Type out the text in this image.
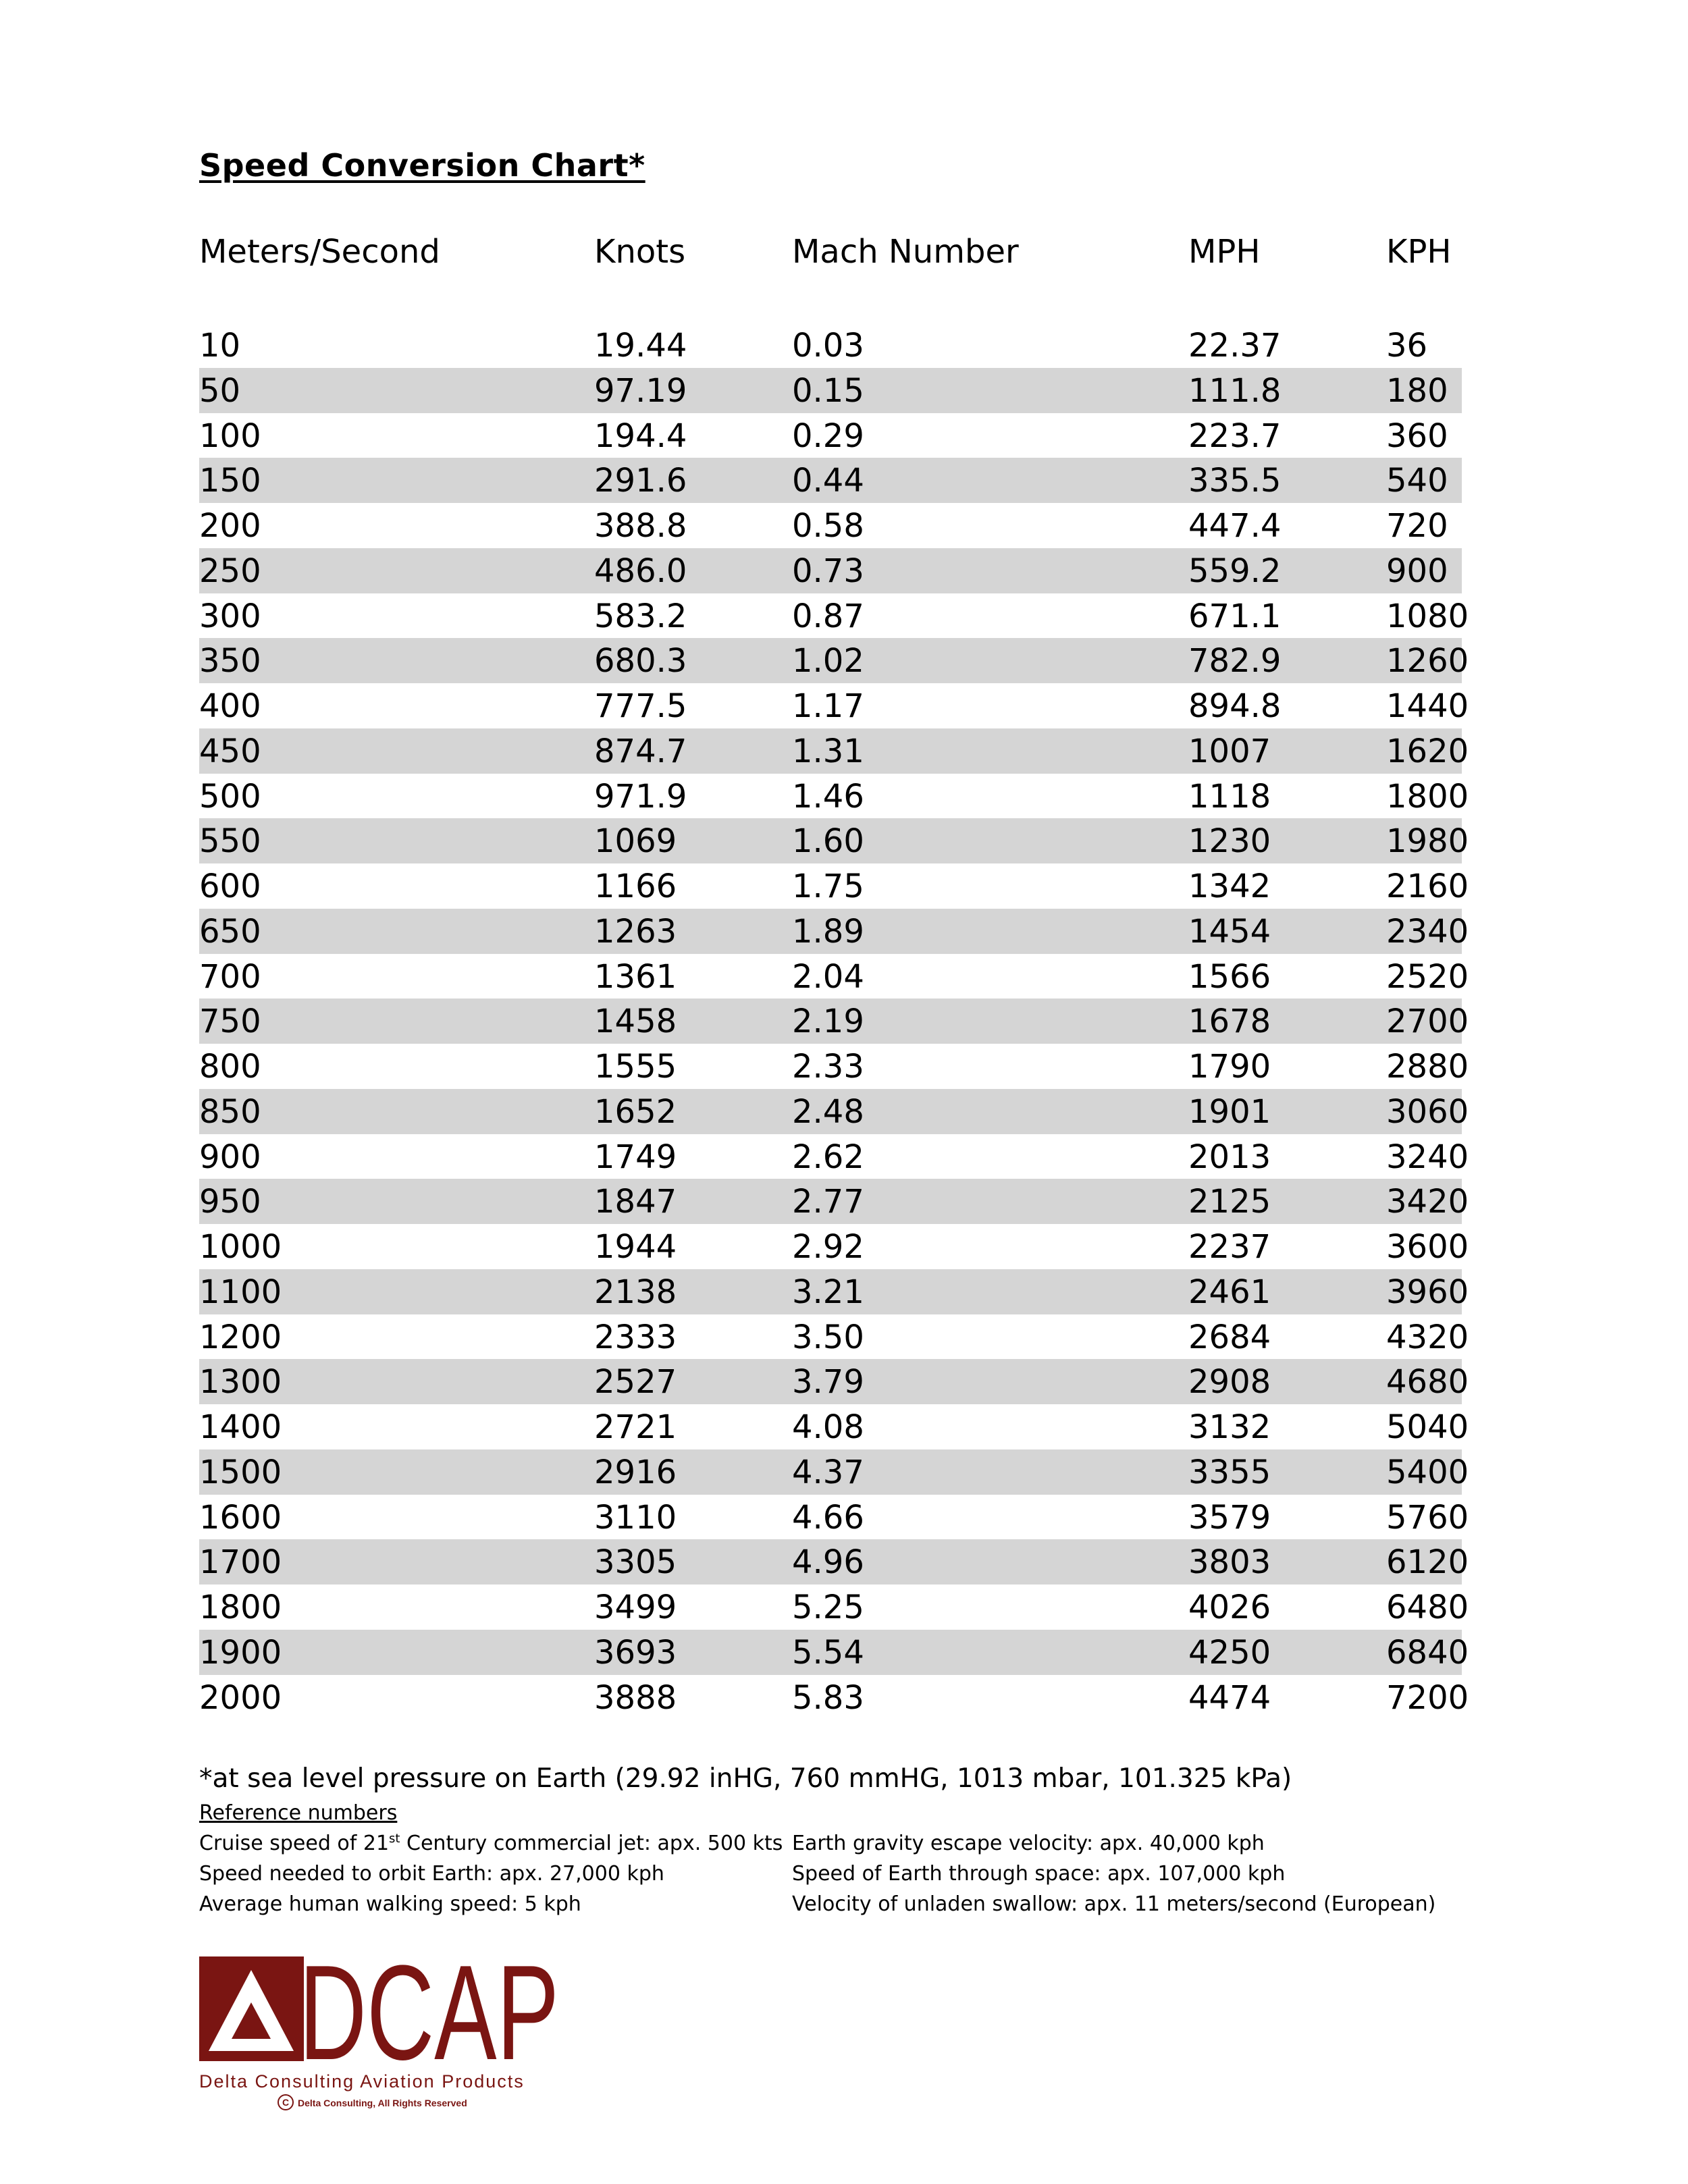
Speed Conversion Chart*
Meters/Second	Knots	Mach Number	MPH	KPH
10	19.44	0.03	22.37	36
50	97.19	0.15	111.8	180
100	194.4	0.29	223.7	360
150	291.6	0.44	335.5	540
200	388.8	0.58	447.4	720
250	486.0	0.73	559.2	900
300	583.2	0.87	671.1	1080
350	680.3	1.02	782.9	1260
400	777.5	1.17	894.8	1440
450	874.7	1.31	1007	1620
500	971.9	1.46	1118	1800
550	1069	1.60	1230	1980
600	1166	1.75	1342	2160
650	1263	1.89	1454	2340
700	1361	2.04	1566	2520
750	1458	2.19	1678	2700
800	1555	2.33	1790	2880
850	1652	2.48	1901	3060
900	1749	2.62	2013	3240
950	1847	2.77	2125	3420
1000	1944	2.92	2237	3600
1100	2138	3.21	2461	3960
1200	2333	3.50	2684	4320
1300	2527	3.79	2908	4680
1400	2721	4.08	3132	5040
1500	2916	4.37	3355	5400
1600	3110	4.66	3579	5760
1700	3305	4.96	3803	6120
1800	3499	5.25	4026	6480
1900	3693	5.54	4250	6840
2000	3888	5.83	4474	7200
*at sea level pressure on Earth (29.92 inHG, 760 mmHG, 1013 mbar, 101.325 kPa)
Reference numbers
Cruise speed of 21st Century commercial jet: apx. 500 kts
Speed needed to orbit Earth: apx. 27,000 kph
Average human walking speed: 5 kph
Earth gravity escape velocity: apx. 40,000 kph
Speed of Earth through space: apx. 107,000 kph
Velocity of unladen swallow: apx. 11 meters/second (European)
DCAP
Delta Consulting Aviation Products
C Delta Consulting, All Rights Reserved
